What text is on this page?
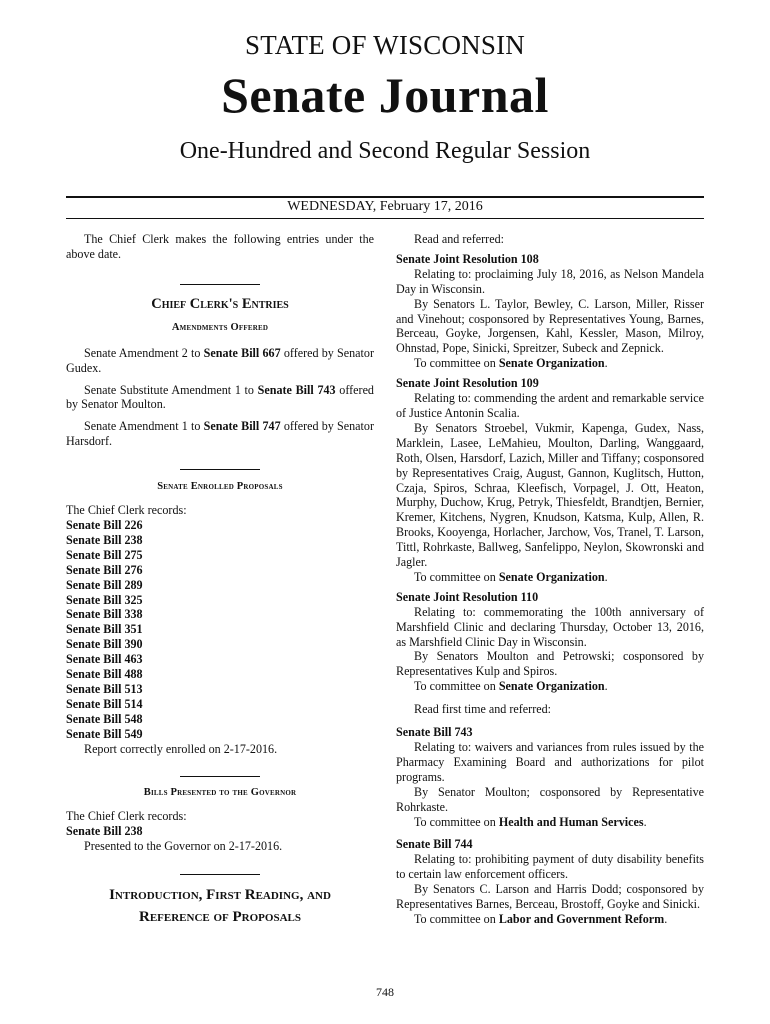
STATE OF WISCONSIN
Senate Journal
One-Hundred and Second Regular Session
WEDNESDAY, February 17, 2016

The Chief Clerk makes the following entries under the above date.

Chief Clerk's Entries
Amendments Offered

Senate Amendment 2 to Senate Bill 667 offered by Senator Gudex.

Senate Substitute Amendment 1 to Senate Bill 743 offered by Senator Moulton.

Senate Amendment 1 to Senate Bill 747 offered by Senator Harsdorf.

Senate Enrolled Proposals

The Chief Clerk records:

Senate Bill 226
Senate Bill 238
Senate Bill 275
Senate Bill 276
Senate Bill 289
Senate Bill 325
Senate Bill 338
Senate Bill 351
Senate Bill 390
Senate Bill 463
Senate Bill 488
Senate Bill 513
Senate Bill 514
Senate Bill 548
Senate Bill 549

Report correctly enrolled on 2-17-2016.

Bills Presented to the Governor

The Chief Clerk records:

Senate Bill 238

Presented to the Governor on 2-17-2016.

Introduction, First Reading, and
Reference of Proposals

Read and referred:

Senate Joint Resolution 108

Relating to: proclaiming July 18, 2016, as Nelson Mandela Day in Wisconsin.

By Senators L. Taylor, Bewley, C. Larson, Miller, Risser and Vinehout; cosponsored by Representatives Young, Barnes, Berceau, Goyke, Jorgensen, Kahl, Kessler, Mason, Milroy, Ohnstad, Pope, Sinicki, Spreitzer, Subeck and Zepnick.

To committee on Senate Organization.

Senate Joint Resolution 109

Relating to: commending the ardent and remarkable service of Justice Antonin Scalia.

By Senators Stroebel, Vukmir, Kapenga, Gudex, Nass, Marklein, Lasee, LeMahieu, Moulton, Darling, Wanggaard, Roth, Olsen, Harsdorf, Lazich, Miller and Tiffany; cosponsored by Representatives Craig, August, Gannon, Kuglitsch, Hutton, Czaja, Spiros, Schraa, Kleefisch, Vorpagel, J. Ott, Heaton, Murphy, Duchow, Krug, Petryk, Thiesfeldt, Brandtjen, Bernier, Kremer, Kitchens, Nygren, Knudson, Katsma, Kulp, Allen, R. Brooks, Kooyenga, Horlacher, Jarchow, Vos, Tranel, T. Larson, Tittl, Rohrkaste, Ballweg, Sanfelippo, Neylon, Skowronski and Jagler.

To committee on Senate Organization.

Senate Joint Resolution 110

Relating to: commemorating the 100th anniversary of Marshfield Clinic and declaring Thursday, October 13, 2016, as Marshfield Clinic Day in Wisconsin.

By Senators Moulton and Petrowski; cosponsored by Representatives Kulp and Spiros.

To committee on Senate Organization.

Read first time and referred:

Senate Bill 743

Relating to: waivers and variances from rules issued by the Pharmacy Examining Board and authorizations for pilot programs.

By Senator Moulton; cosponsored by Representative Rohrkaste.

To committee on Health and Human Services.

Senate Bill 744

Relating to: prohibiting payment of duty disability benefits to certain law enforcement officers.

By Senators C. Larson and Harris Dodd; cosponsored by Representatives Barnes, Berceau, Brostoff, Goyke and Sinicki.

To committee on Labor and Government Reform.

748
